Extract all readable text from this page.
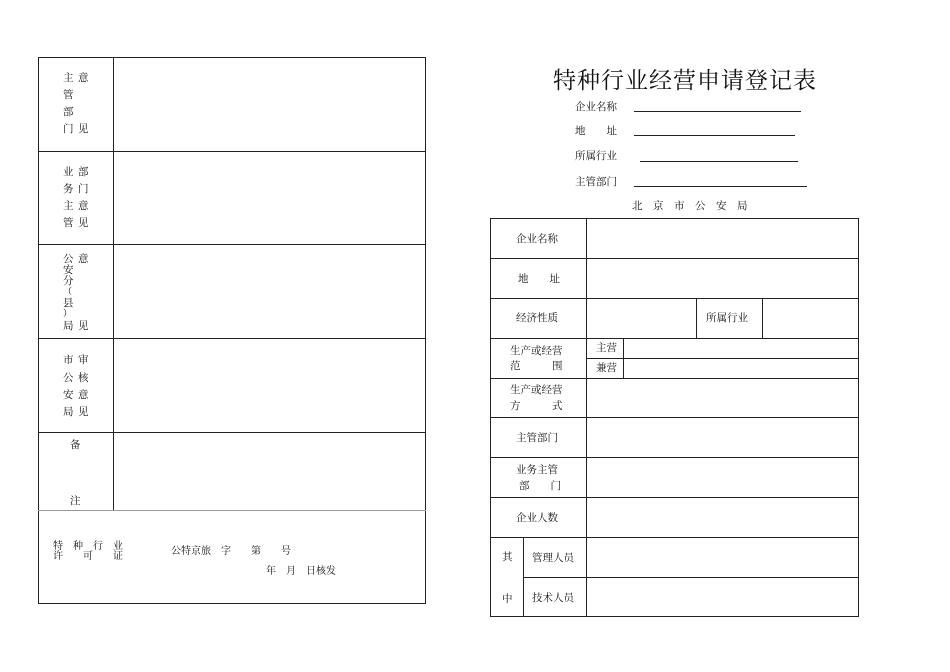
主
管
部
门
意
见
业
务
主
管
部
门
意
见
公
安
分
（
县
）
局
意
见
市
公
安
局
审
核
意
见
备
注
特　种　行　业
许　　可　　证	公特京旅　字　　第　　号
年　月　日核发
特种行业经营申请登记表
企业名称
地　　址
所属行业
主管部门
北　京　市　公　安　局
企业名称
地　　址
经济性质	所属行业
生产或经营
范　　　围
主营
兼营
生产或经营
方　　　式
主管部门
业务主管
部　　门
企业人数
其
中
管理人员
技术人员
